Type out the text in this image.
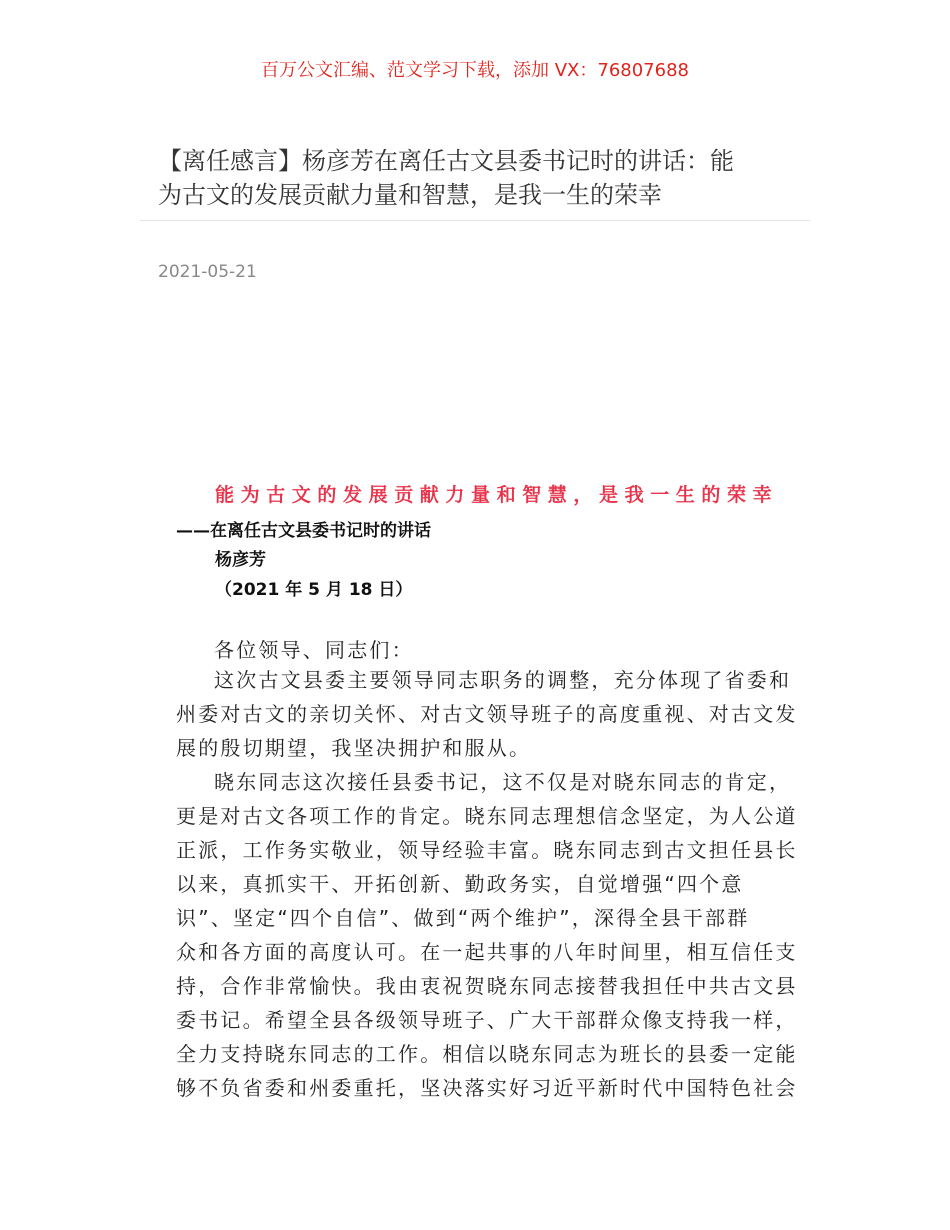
百万公文汇编、范文学习下载，添加 VX：76807688
【离任感言】杨彦芳在离任古文县委书记时的讲话：能
为古文的发展贡献力量和智慧，是我一生的荣幸
2021-05-21
能为古文的发展贡献力量和智慧，是我一生的荣幸
——在离任古文县委书记时的讲话
杨彦芳
（2021 年 5 月 18 日）
各位领导、同志们：
这次古文县委主要领导同志职务的调整，充分体现了省委和
州委对古文的亲切关怀、对古文领导班子的高度重视、对古文发
展的殷切期望，我坚决拥护和服从。
晓东同志这次接任县委书记，这不仅是对晓东同志的肯定，
更是对古文各项工作的肯定。晓东同志理想信念坚定，为人公道
正派，工作务实敬业，领导经验丰富。晓东同志到古文担任县长
以来，真抓实干、开拓创新、勤政务实，自觉增强“四个意
识”、坚定“四个自信”、做到“两个维护”，深得全县干部群
众和各方面的高度认可。在一起共事的八年时间里，相互信任支
持，合作非常愉快。我由衷祝贺晓东同志接替我担任中共古文县
委书记。希望全县各级领导班子、广大干部群众像支持我一样，
全力支持晓东同志的工作。相信以晓东同志为班长的县委一定能
够不负省委和州委重托，坚决落实好习近平新时代中国特色社会
